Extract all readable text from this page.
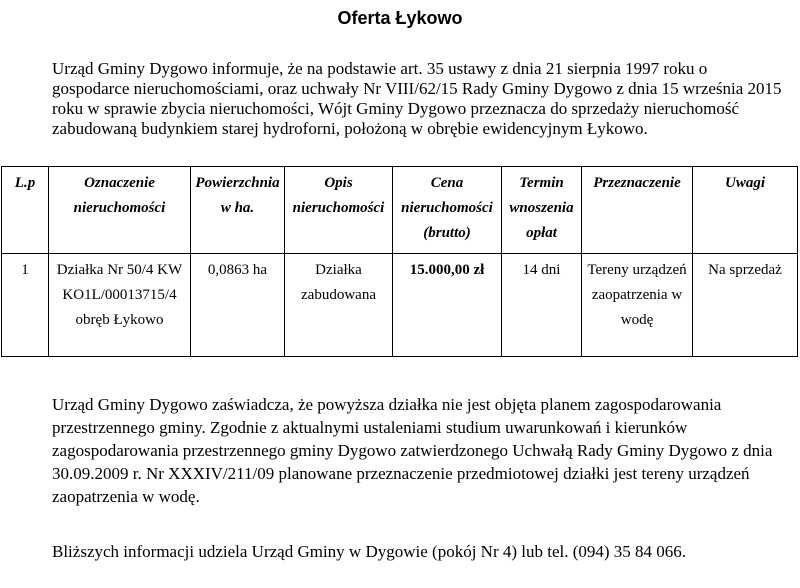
Oferta Łykowo
Urząd Gminy Dygowo informuje, że na podstawie art. 35 ustawy z dnia 21 sierpnia 1997 roku o gospodarce nieruchomościami, oraz uchwały Nr VIII/62/15 Rady Gminy Dygowo z dnia 15 września 2015 roku w sprawie zbycia nieruchomości, Wójt Gminy Dygowo przeznacza do sprzedaży nieruchomość zabudowaną budynkiem starej hydroforni, położoną w obrębie ewidencyjnym Łykowo.
L.p	Oznaczenie nieruchomości	Powierzchnia w ha.	Opis nieruchomości	Cena nieruchomości (brutto)	Termin wnoszenia opłat	Przeznaczenie	Uwagi
1	Działka Nr 50/4 KW KO1L/00013715/4 obręb Łykowo	0,0863 ha	Działka zabudowana	15.000,00 zł	14 dni	Tereny urządzeń zaopatrzenia w wodę	Na sprzedaż
Urząd Gminy Dygowo zaświadcza, że powyższa działka nie jest objęta planem zagospodarowania przestrzennego gminy. Zgodnie z aktualnymi ustaleniami studium uwarunkowań i kierunków zagospodarowania przestrzennego gminy Dygowo zatwierdzonego Uchwałą Rady Gminy Dygowo z dnia 30.09.2009 r. Nr XXXIV/211/09 planowane przeznaczenie przedmiotowej działki jest tereny urządzeń zaopatrzenia w wodę.
Bliższych informacji udziela Urząd Gminy w Dygowie (pokój Nr 4) lub tel. (094) 35 84 066.
